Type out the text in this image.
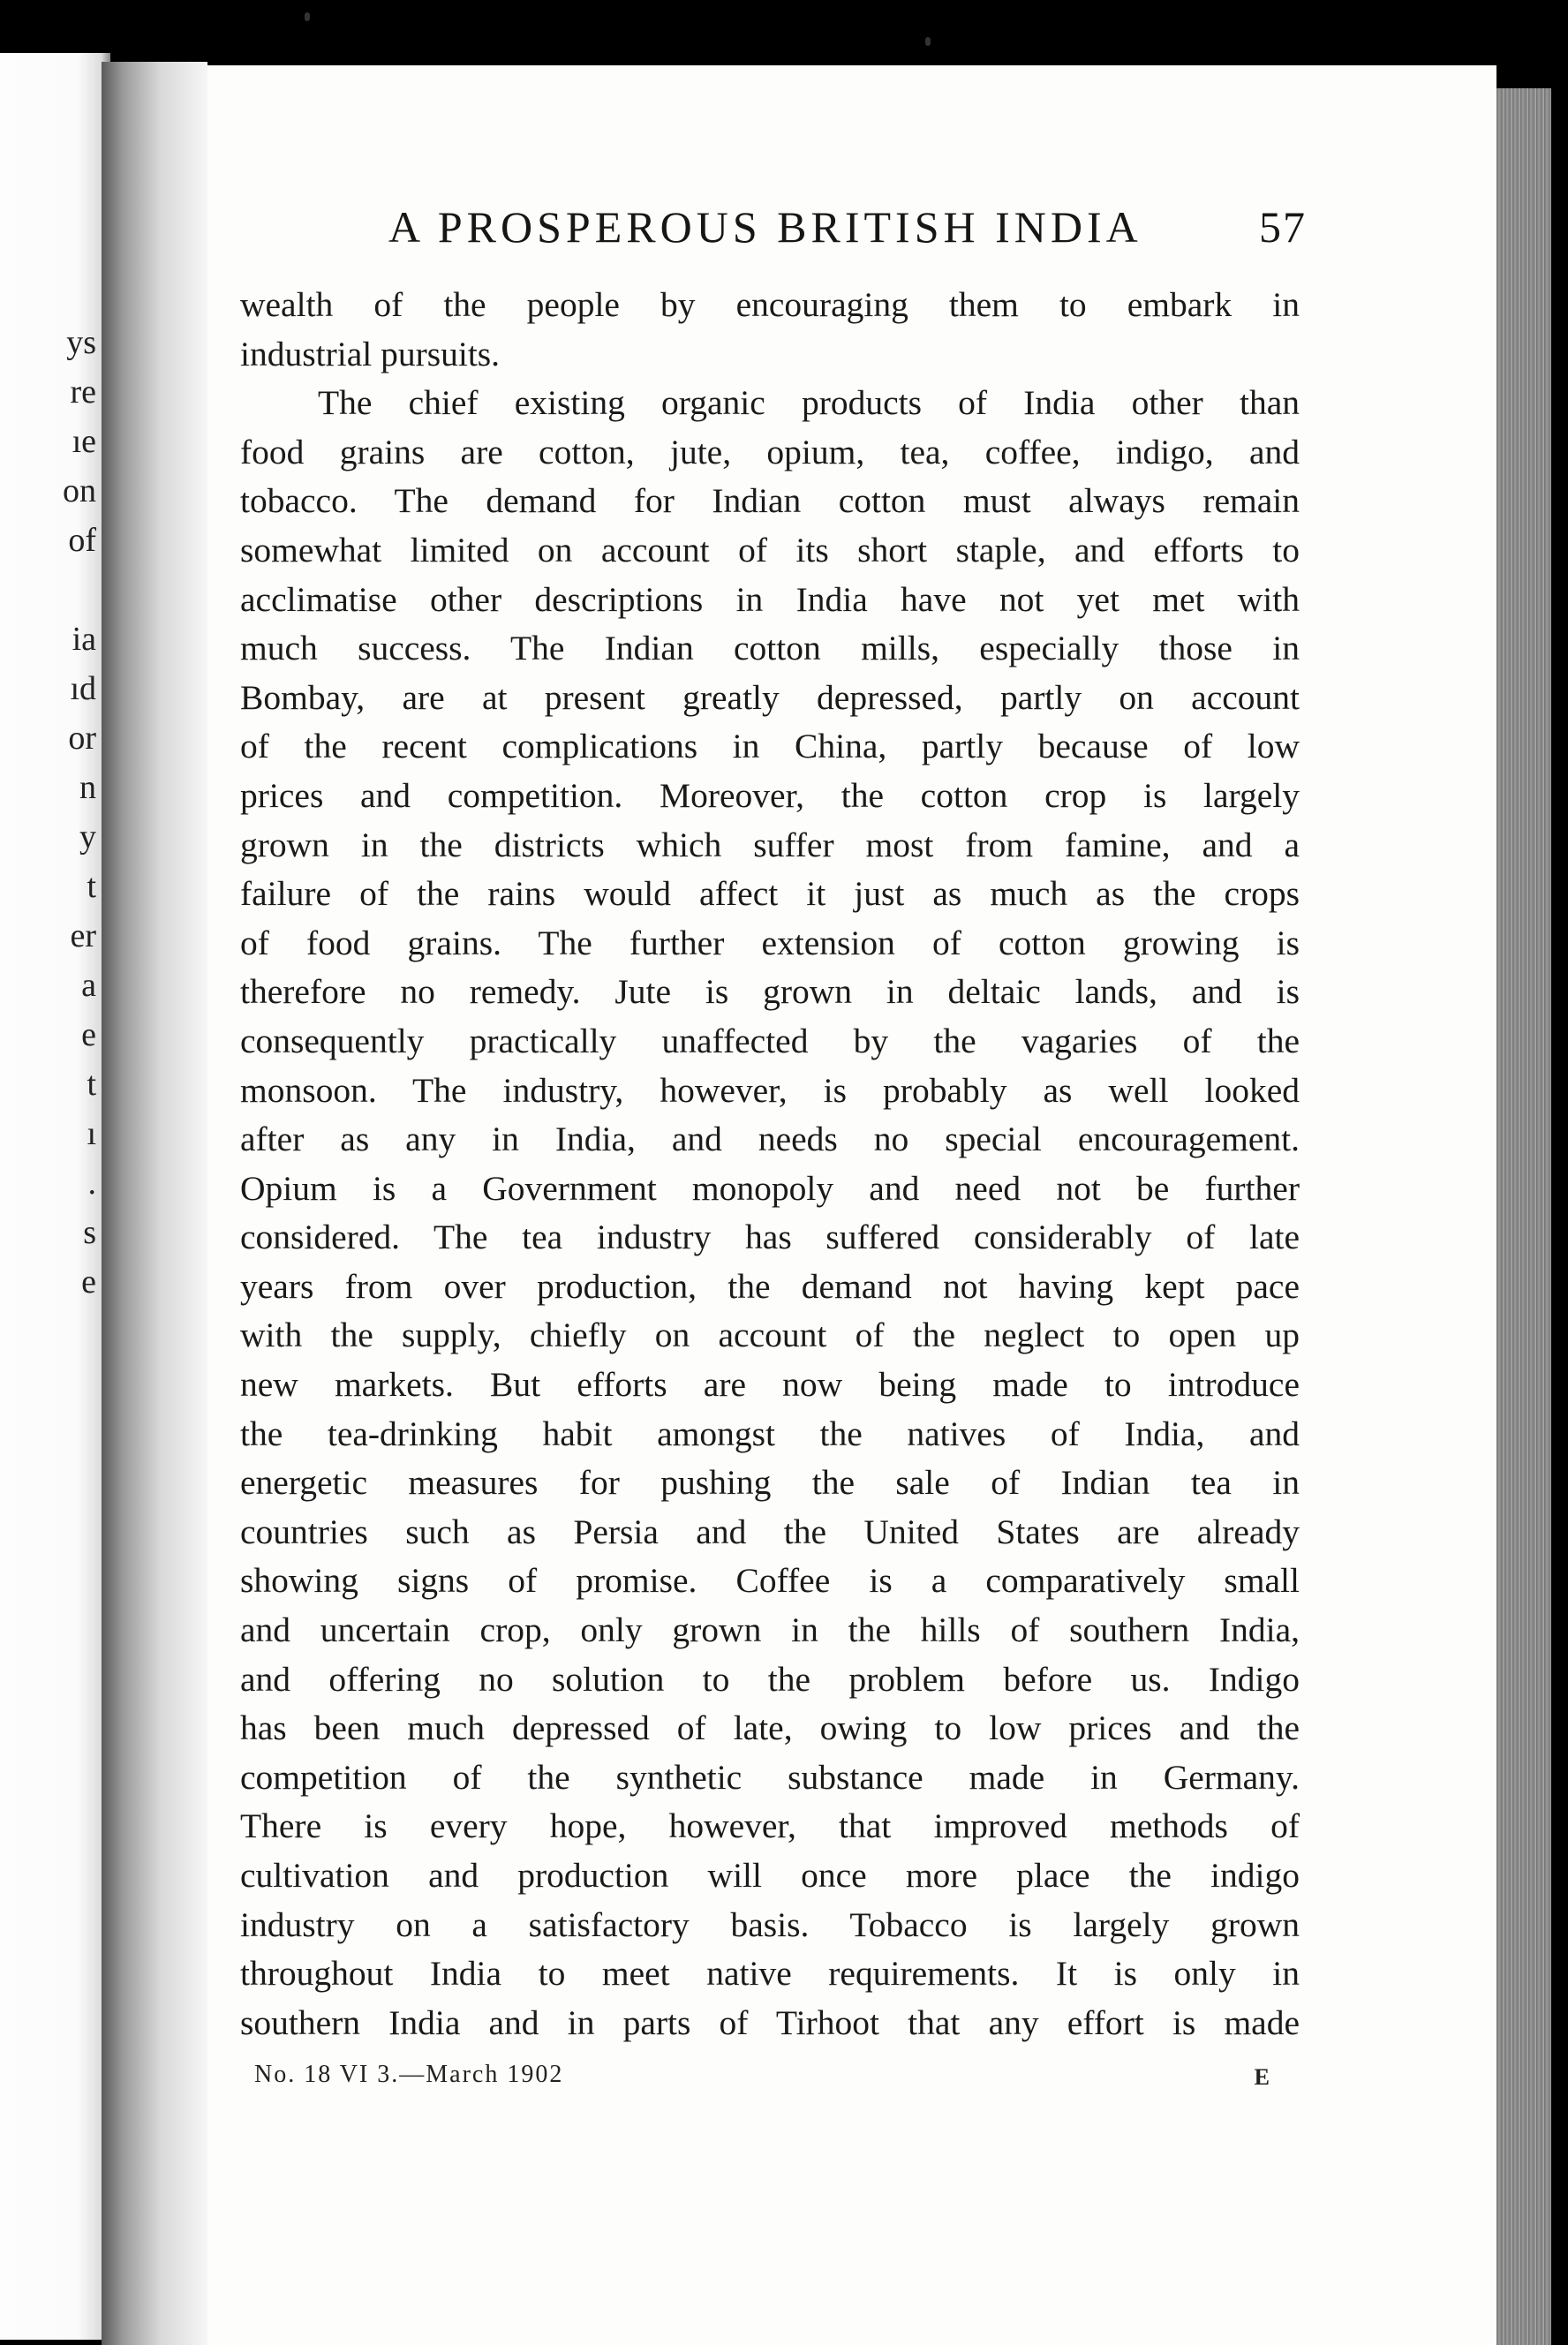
ys
re
ıe
on
of
ia
ıd
or
n
y
t
er
a
e
t
ı
.
s
e
A PROSPEROUS BRITISH INDIA	57
wealth of the people by encouraging them to embark in
industrial pursuits.
The chief existing organic products of India other than
food grains are cotton, jute, opium, tea, coffee, indigo, and
tobacco. The demand for Indian cotton must always remain
somewhat limited on account of its short staple, and efforts to
acclimatise other descriptions in India have not yet met with
much success. The Indian cotton mills, especially those in
Bombay, are at present greatly depressed, partly on account
of the recent complications in China, partly because of low
prices and competition. Moreover, the cotton crop is largely
grown in the districts which suffer most from famine, and a
failure of the rains would affect it just as much as the crops
of food grains. The further extension of cotton growing is
therefore no remedy. Jute is grown in deltaic lands, and is
consequently practically unaffected by the vagaries of the
monsoon. The industry, however, is probably as well looked
after as any in India, and needs no special encouragement.
Opium is a Government monopoly and need not be further
considered. The tea industry has suffered considerably of late
years from over production, the demand not having kept pace
with the supply, chiefly on account of the neglect to open up
new markets. But efforts are now being made to introduce
the tea-drinking habit amongst the natives of India, and
energetic measures for pushing the sale of Indian tea in
countries such as Persia and the United States are already
showing signs of promise. Coffee is a comparatively small
and uncertain crop, only grown in the hills of southern India,
and offering no solution to the problem before us. Indigo
has been much depressed of late, owing to low prices and the
competition of the synthetic substance made in Germany.
There is every hope, however, that improved methods of
cultivation and production will once more place the indigo
industry on a satisfactory basis. Tobacco is largely grown
throughout India to meet native requirements. It is only in
southern India and in parts of Tirhoot that any effort is made
No. 18 VI 3.—March 1902	E
